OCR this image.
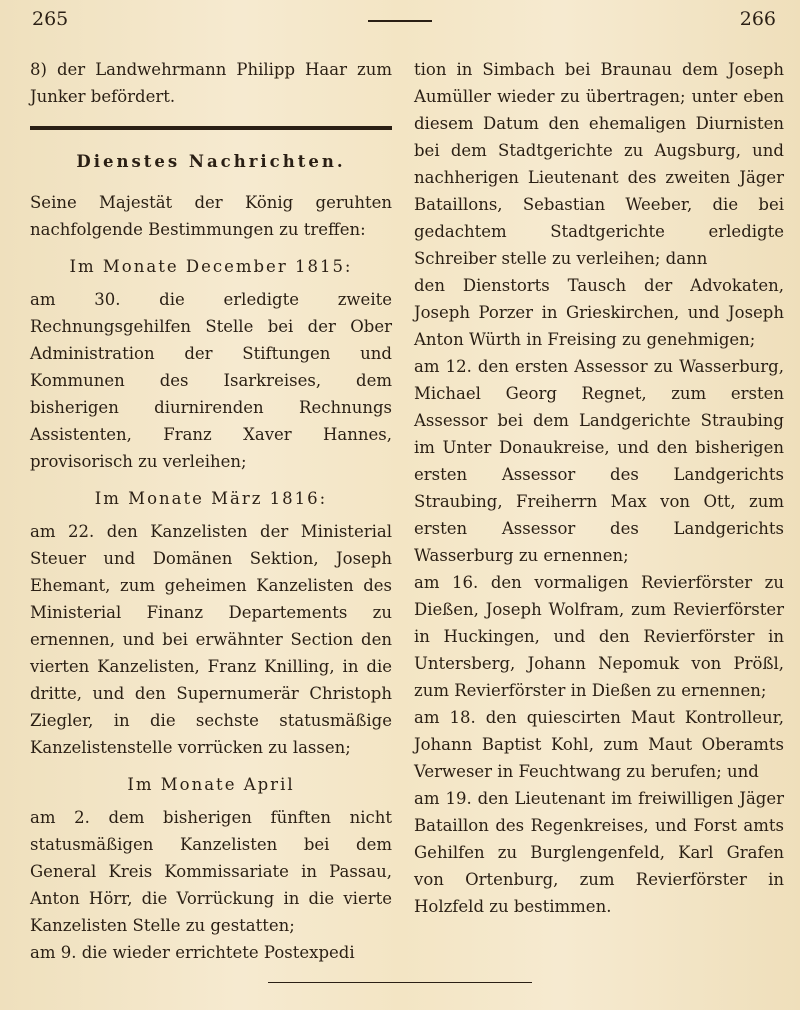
265	266

8) der Landwehrmann Philipp Haar zum Junker befördert.

Dienstes Nachrichten.

Seine Majestät der König geruhten nachfolgende Bestimmungen zu treffen:

Im Monate December 1815:

am 30. die erledigte zweite Rechnungsgehilfen Stelle bei der Ober Administration der Stiftungen und Kommunen des Isarkreises, dem bisherigen diurnirenden Rechnungs Assistenten, Franz Xaver Hannes, provisorisch zu verleihen;

Im Monate März 1816:

am 22. den Kanzelisten der Ministerial Steuer und Domänen Sektion, Joseph Ehemant, zum geheimen Kanzelisten des Ministerial Finanz Departements zu ernennen, und bei erwähnter Section den vierten Kanzelisten, Franz Knilling, in die dritte, und den Supernumerär Christoph Ziegler, in die sechste statusmäßige Kanzelistenstelle vorrücken zu lassen;

Im Monate April

am 2. dem bisherigen fünften nicht statusmäßigen Kanzelisten bei dem General Kreis Kommissariate in Passau, Anton Hörr, die Vorrückung in die vierte Kanzelisten Stelle zu gestatten;

am 9. die wieder errichtete Postexpedi

tion in Simbach bei Braunau dem Joseph Aumüller wieder zu übertragen; unter eben diesem Datum den ehemaligen Diurnisten bei dem Stadtgerichte zu Augsburg, und nachherigen Lieutenant des zweiten Jäger Bataillons, Sebastian Weeber, die bei gedachtem Stadtgerichte erledigte Schreiber stelle zu verleihen; dann

den Dienstorts Tausch der Advokaten, Joseph Porzer in Grieskirchen, und Joseph Anton Würth in Freising zu genehmigen;

am 12. den ersten Assessor zu Wasserburg, Michael Georg Regnet, zum ersten Assessor bei dem Landgerichte Straubing im Unter Donaukreise, und den bisherigen ersten Assessor des Landgerichts Straubing, Freiherrn Max von Ott, zum ersten Assessor des Landgerichts Wasserburg zu ernennen;

am 16. den vormaligen Revierförster zu Dießen, Joseph Wolfram, zum Revierförster in Huckingen, und den Revierförster in Untersberg, Johann Nepomuk von Prößl, zum Revierförster in Dießen zu ernennen;

am 18. den quiescirten Maut Kontrolleur, Johann Baptist Kohl, zum Maut Oberamts Verweser in Feuchtwang zu berufen; und

am 19. den Lieutenant im freiwilligen Jäger Bataillon des Regenkreises, und Forst amts Gehilfen zu Burglengenfeld, Karl Grafen von Ortenburg, zum Revierförster in Holzfeld zu bestimmen.
